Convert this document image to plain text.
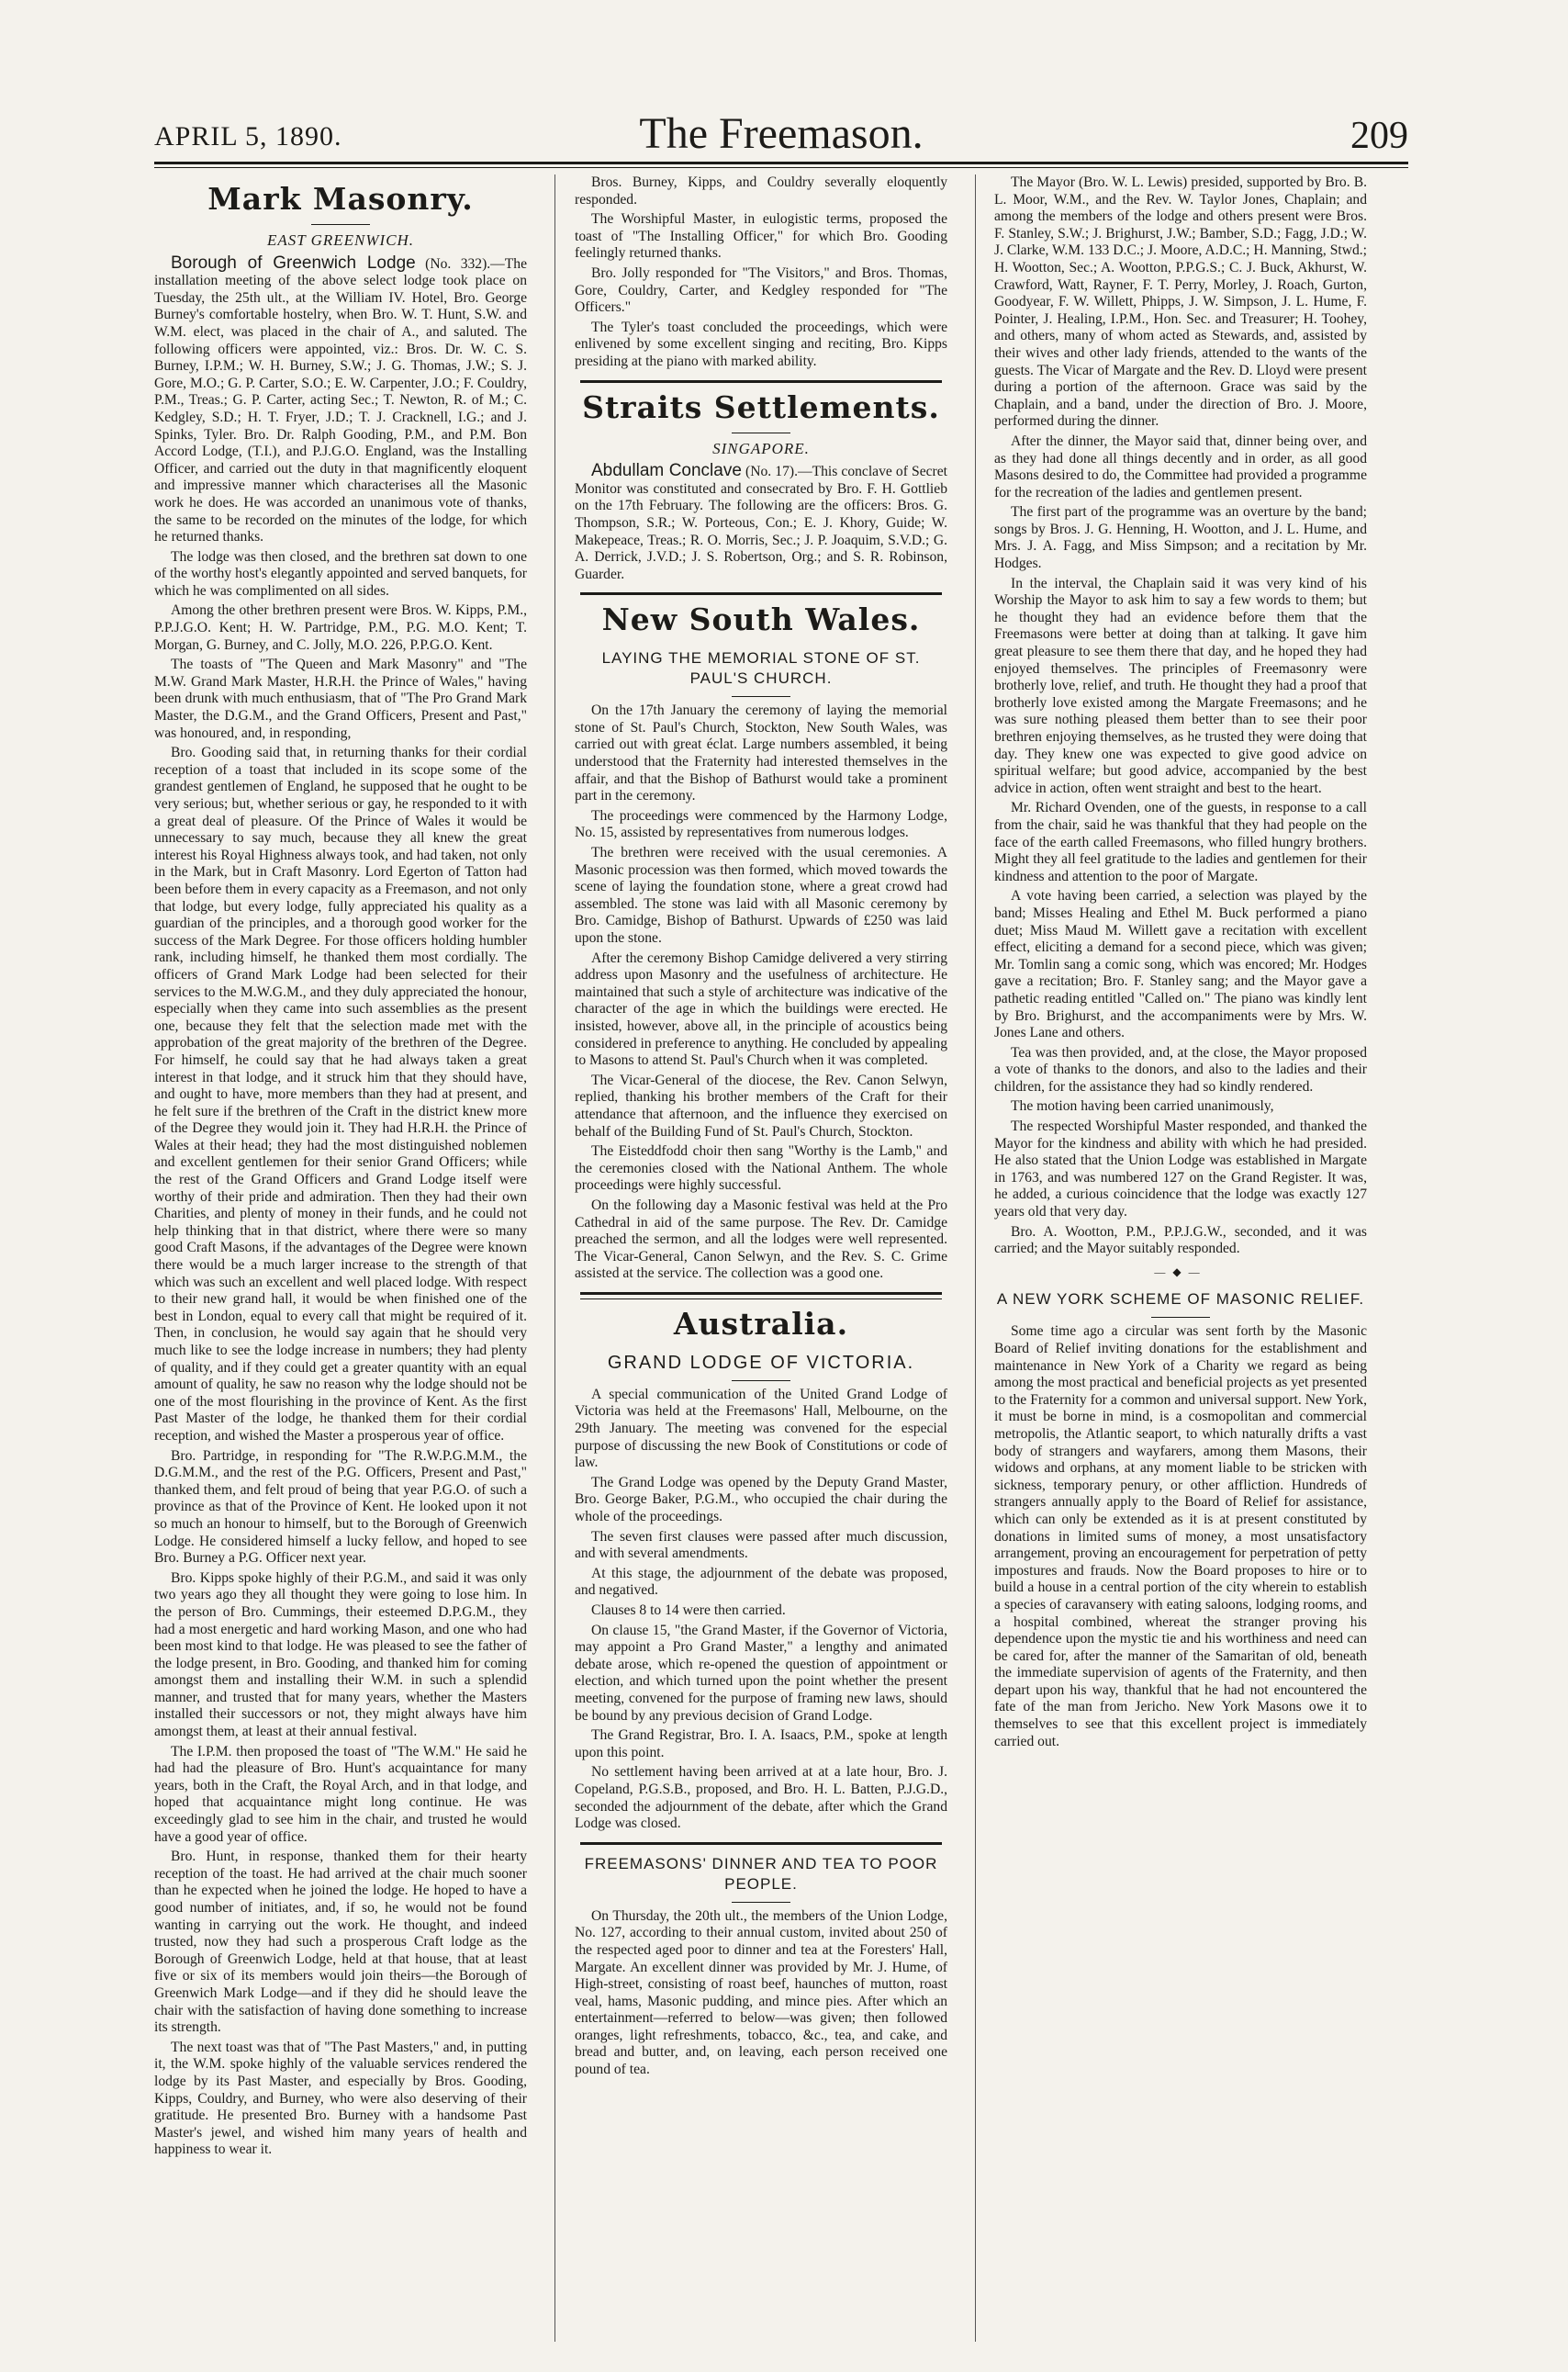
APRIL 5, 1890.	The Freemason.	209
Mark Masonry.
EAST GREENWICH.

Borough of Greenwich Lodge (No. 332).—The installation meeting of the above select lodge took place on Tuesday, the 25th ult., at the William IV. Hotel, Bro. George Burney's comfortable hostelry, when Bro. W. T. Hunt, S.W. and W.M. elect, was placed in the chair of A., and saluted. The following officers were appointed, viz.: Bros. Dr. W. C. S. Burney, I.P.M.; W. H. Burney, S.W.; J. G. Thomas, J.W.; S. J. Gore, M.O.; G. P. Carter, S.O.; E. W. Carpenter, J.O.; F. Couldry, P.M., Treas.; G. P. Carter, acting Sec.; T. Newton, R. of M.; C. Kedgley, S.D.; H. T. Fryer, J.D.; T. J. Cracknell, I.G.; and J. Spinks, Tyler. Bro. Dr. Ralph Gooding, P.M., and P.M. Bon Accord Lodge, (T.I.), and P.J.G.O. England, was the Installing Officer, and carried out the duty in that magnificently eloquent and impressive manner which characterises all the Masonic work he does. He was accorded an unanimous vote of thanks, the same to be recorded on the minutes of the lodge, for which he returned thanks.

The lodge was then closed, and the brethren sat down to one of the worthy host's elegantly appointed and served banquets, for which he was complimented on all sides.

Among the other brethren present were Bros. W. Kipps, P.M., P.P.J.G.O. Kent; H. W. Partridge, P.M., P.G. M.O. Kent; T. Morgan, G. Burney, and C. Jolly, M.O. 226, P.P.G.O. Kent.

The toasts of "The Queen and Mark Masonry" and "The M.W. Grand Mark Master, H.R.H. the Prince of Wales," having been drunk with much enthusiasm, that of "The Pro Grand Mark Master, the D.G.M., and the Grand Officers, Present and Past," was honoured, and, in responding,

Bro. Gooding said that, in returning thanks for their cordial reception of a toast that included in its scope some of the grandest gentlemen of England, he supposed that he ought to be very serious; but, whether serious or gay, he responded to it with a great deal of pleasure. Of the Prince of Wales it would be unnecessary to say much, because they all knew the great interest his Royal Highness always took, and had taken, not only in the Mark, but in Craft Masonry. Lord Egerton of Tatton had been before them in every capacity as a Freemason, and not only that lodge, but every lodge, fully appreciated his quality as a guardian of the principles, and a thorough good worker for the success of the Mark Degree. For those officers holding humbler rank, including himself, he thanked them most cordially. The officers of Grand Mark Lodge had been selected for their services to the M.W.G.M., and they duly appreciated the honour, especially when they came into such assemblies as the present one, because they felt that the selection made met with the approbation of the great majority of the brethren of the Degree. For himself, he could say that he had always taken a great interest in that lodge, and it struck him that they should have, and ought to have, more members than they had at present, and he felt sure if the brethren of the Craft in the district knew more of the Degree they would join it. They had H.R.H. the Prince of Wales at their head; they had the most distinguished noblemen and excellent gentlemen for their senior Grand Officers; while the rest of the Grand Officers and Grand Lodge itself were worthy of their pride and admiration. Then they had their own Charities, and plenty of money in their funds, and he could not help thinking that in that district, where there were so many good Craft Masons, if the advantages of the Degree were known there would be a much larger increase to the strength of that which was such an excellent and well placed lodge. With respect to their new grand hall, it would be when finished one of the best in London, equal to every call that might be required of it. Then, in conclusion, he would say again that he should very much like to see the lodge increase in numbers; they had plenty of quality, and if they could get a greater quantity with an equal amount of quality, he saw no reason why the lodge should not be one of the most flourishing in the province of Kent. As the first Past Master of the lodge, he thanked them for their cordial reception, and wished the Master a prosperous year of office.

Bro. Partridge, in responding for "The R.W.P.G.M.M., the D.G.M.M., and the rest of the P.G. Officers, Present and Past," thanked them, and felt proud of being that year P.G.O. of such a province as that of the Province of Kent. He looked upon it not so much an honour to himself, but to the Borough of Greenwich Lodge. He considered himself a lucky fellow, and hoped to see Bro. Burney a P.G. Officer next year.

Bro. Kipps spoke highly of their P.G.M., and said it was only two years ago they all thought they were going to lose him. In the person of Bro. Cummings, their esteemed D.P.G.M., they had a most energetic and hard working Mason, and one who had been most kind to that lodge. He was pleased to see the father of the lodge present, in Bro. Gooding, and thanked him for coming amongst them and installing their W.M. in such a splendid manner, and trusted that for many years, whether the Masters installed their successors or not, they might always have him amongst them, at least at their annual festival.

The I.P.M. then proposed the toast of "The W.M." He said he had had the pleasure of Bro. Hunt's acquaintance for many years, both in the Craft, the Royal Arch, and in that lodge, and hoped that acquaintance might long continue. He was exceedingly glad to see him in the chair, and trusted he would have a good year of office.

Bro. Hunt, in response, thanked them for their hearty reception of the toast. He had arrived at the chair much sooner than he expected when he joined the lodge. He hoped to have a good number of initiates, and, if so, he would not be found wanting in carrying out the work. He thought, and indeed trusted, now they had such a prosperous Craft lodge as the Borough of Greenwich Lodge, held at that house, that at least five or six of its members would join theirs—the Borough of Greenwich Mark Lodge—and if they did he should leave the chair with the satisfaction of having done something to increase its strength.

The next toast was that of "The Past Masters," and, in putting it, the W.M. spoke highly of the valuable services rendered the lodge by its Past Master, and especially by Bros. Gooding, Kipps, Couldry, and Burney, who were also deserving of their gratitude. He presented Bro. Burney with a handsome Past Master's jewel, and wished him many years of health and happiness to wear it.

Bros. Burney, Kipps, and Couldry severally eloquently responded.

The Worshipful Master, in eulogistic terms, proposed the toast of "The Installing Officer," for which Bro. Gooding feelingly returned thanks.

Bro. Jolly responded for "The Visitors," and Bros. Thomas, Gore, Couldry, Carter, and Kedgley responded for "The Officers."

The Tyler's toast concluded the proceedings, which were enlivened by some excellent singing and reciting, Bro. Kipps presiding at the piano with marked ability.

Straits Settlements.
SINGAPORE.

Abdullam Conclave (No. 17).—This conclave of Secret Monitor was constituted and consecrated by Bro. F. H. Gottlieb on the 17th February. The following are the officers: Bros. G. Thompson, S.R.; W. Porteous, Con.; E. J. Khory, Guide; W. Makepeace, Treas.; R. O. Morris, Sec.; J. P. Joaquim, S.V.D.; G. A. Derrick, J.V.D.; J. S. Robertson, Org.; and S. R. Robinson, Guarder.

New South Wales.
LAYING THE MEMORIAL STONE OF ST. PAUL'S CHURCH.

On the 17th January the ceremony of laying the memorial stone of St. Paul's Church, Stockton, New South Wales, was carried out with great éclat. Large numbers assembled, it being understood that the Fraternity had interested themselves in the affair, and that the Bishop of Bathurst would take a prominent part in the ceremony.

The proceedings were commenced by the Harmony Lodge, No. 15, assisted by representatives from numerous lodges.

The brethren were received with the usual ceremonies. A Masonic procession was then formed, which moved towards the scene of laying the foundation stone, where a great crowd had assembled. The stone was laid with all Masonic ceremony by Bro. Camidge, Bishop of Bathurst. Upwards of £250 was laid upon the stone.

After the ceremony Bishop Camidge delivered a very stirring address upon Masonry and the usefulness of architecture. He maintained that such a style of architecture was indicative of the character of the age in which the buildings were erected. He insisted, however, above all, in the principle of acoustics being considered in preference to anything. He concluded by appealing to Masons to attend St. Paul's Church when it was completed.

The Vicar-General of the diocese, the Rev. Canon Selwyn, replied, thanking his brother members of the Craft for their attendance that afternoon, and the influence they exercised on behalf of the Building Fund of St. Paul's Church, Stockton.

The Eisteddfodd choir then sang "Worthy is the Lamb," and the ceremonies closed with the National Anthem. The whole proceedings were highly successful.

On the following day a Masonic festival was held at the Pro Cathedral in aid of the same purpose. The Rev. Dr. Camidge preached the sermon, and all the lodges were well represented. The Vicar-General, Canon Selwyn, and the Rev. S. C. Grime assisted at the service. The collection was a good one.

Australia.
GRAND LODGE OF VICTORIA.

A special communication of the United Grand Lodge of Victoria was held at the Freemasons' Hall, Melbourne, on the 29th January. The meeting was convened for the especial purpose of discussing the new Book of Constitutions or code of law.

The Grand Lodge was opened by the Deputy Grand Master, Bro. George Baker, P.G.M., who occupied the chair during the whole of the proceedings.

The seven first clauses were passed after much discussion, and with several amendments.

At this stage, the adjournment of the debate was proposed, and negatived.

Clauses 8 to 14 were then carried.

On clause 15, "the Grand Master, if the Governor of Victoria, may appoint a Pro Grand Master," a lengthy and animated debate arose, which re-opened the question of appointment or election, and which turned upon the point whether the present meeting, convened for the purpose of framing new laws, should be bound by any previous decision of Grand Lodge.

The Grand Registrar, Bro. I. A. Isaacs, P.M., spoke at length upon this point.

No settlement having been arrived at at a late hour, Bro. J. Copeland, P.G.S.B., proposed, and Bro. H. L. Batten, P.J.G.D., seconded the adjournment of the debate, after which the Grand Lodge was closed.

FREEMASONS' DINNER AND TEA TO POOR PEOPLE.

On Thursday, the 20th ult., the members of the Union Lodge, No. 127, according to their annual custom, invited about 250 of the respected aged poor to dinner and tea at the Foresters' Hall, Margate. An excellent dinner was provided by Mr. J. Hume, of High-street, consisting of roast beef, haunches of mutton, roast veal, hams, Masonic pudding, and mince pies. After which an entertainment—referred to below—was given; then followed oranges, light refreshments, tobacco, &c., tea, and cake, and bread and butter, and, on leaving, each person received one pound of tea.

The Mayor (Bro. W. L. Lewis) presided, supported by Bro. B. L. Moor, W.M., and the Rev. W. Taylor Jones, Chaplain; and among the members of the lodge and others present were Bros. F. Stanley, S.W.; J. Brighurst, J.W.; Bamber, S.D.; Fagg, J.D.; W. J. Clarke, W.M. 133 D.C.; J. Moore, A.D.C.; H. Manning, Stwd.; H. Wootton, Sec.; A. Wootton, P.P.G.S.; C. J. Buck, Akhurst, W. Crawford, Watt, Rayner, F. T. Perry, Morley, J. Roach, Gurton, Goodyear, F. W. Willett, Phipps, J. W. Simpson, J. L. Hume, F. Pointer, J. Healing, I.P.M., Hon. Sec. and Treasurer; H. Toohey, and others, many of whom acted as Stewards, and, assisted by their wives and other lady friends, attended to the wants of the guests. The Vicar of Margate and the Rev. D. Lloyd were present during a portion of the afternoon. Grace was said by the Chaplain, and a band, under the direction of Bro. J. Moore, performed during the dinner.

After the dinner, the Mayor said that, dinner being over, and as they had done all things decently and in order, as all good Masons desired to do, the Committee had provided a programme for the recreation of the ladies and gentlemen present.

The first part of the programme was an overture by the band; songs by Bros. J. G. Henning, H. Wootton, and J. L. Hume, and Mrs. J. A. Fagg, and Miss Simpson; and a recitation by Mr. Hodges.

In the interval, the Chaplain said it was very kind of his Worship the Mayor to ask him to say a few words to them; but he thought they had an evidence before them that the Freemasons were better at doing than at talking. It gave him great pleasure to see them there that day, and he hoped they had enjoyed themselves. The principles of Freemasonry were brotherly love, relief, and truth. He thought they had a proof that brotherly love existed among the Margate Freemasons; and he was sure nothing pleased them better than to see their poor brethren enjoying themselves, as he trusted they were doing that day. They knew one was expected to give good advice on spiritual welfare; but good advice, accompanied by the best advice in action, often went straight and best to the heart.

Mr. Richard Ovenden, one of the guests, in response to a call from the chair, said he was thankful that they had people on the face of the earth called Freemasons, who filled hungry brothers. Might they all feel gratitude to the ladies and gentlemen for their kindness and attention to the poor of Margate.

A vote having been carried, a selection was played by the band; Misses Healing and Ethel M. Buck performed a piano duet; Miss Maud M. Willett gave a recitation with excellent effect, eliciting a demand for a second piece, which was given; Mr. Tomlin sang a comic song, which was encored; Mr. Hodges gave a recitation; Bro. F. Stanley sang; and the Mayor gave a pathetic reading entitled "Called on." The piano was kindly lent by Bro. Brighurst, and the accompaniments were by Mrs. W. Jones Lane and others.

Tea was then provided, and, at the close, the Mayor proposed a vote of thanks to the donors, and also to the ladies and their children, for the assistance they had so kindly rendered.

The motion having been carried unanimously,

The respected Worshipful Master responded, and thanked the Mayor for the kindness and ability with which he had presided. He also stated that the Union Lodge was established in Margate in 1763, and was numbered 127 on the Grand Register. It was, he added, a curious coincidence that the lodge was exactly 127 years old that very day.

Bro. A. Wootton, P.M., P.P.J.G.W., seconded, and it was carried; and the Mayor suitably responded.

—◆—
A NEW YORK SCHEME OF MASONIC RELIEF.

Some time ago a circular was sent forth by the Masonic Board of Relief inviting donations for the establishment and maintenance in New York of a Charity we regard as being among the most practical and beneficial projects as yet presented to the Fraternity for a common and universal support. New York, it must be borne in mind, is a cosmopolitan and commercial metropolis, the Atlantic seaport, to which naturally drifts a vast body of strangers and wayfarers, among them Masons, their widows and orphans, at any moment liable to be stricken with sickness, temporary penury, or other affliction. Hundreds of strangers annually apply to the Board of Relief for assistance, which can only be extended as it is at present constituted by donations in limited sums of money, a most unsatisfactory arrangement, proving an encouragement for perpetration of petty impostures and frauds. Now the Board proposes to hire or to build a house in a central portion of the city wherein to establish a species of caravansery with eating saloons, lodging rooms, and a hospital combined, whereat the stranger proving his dependence upon the mystic tie and his worthiness and need can be cared for, after the manner of the Samaritan of old, beneath the immediate supervision of agents of the Fraternity, and then depart upon his way, thankful that he had not encountered the fate of the man from Jericho. New York Masons owe it to themselves to see that this excellent project is immediately carried out.
